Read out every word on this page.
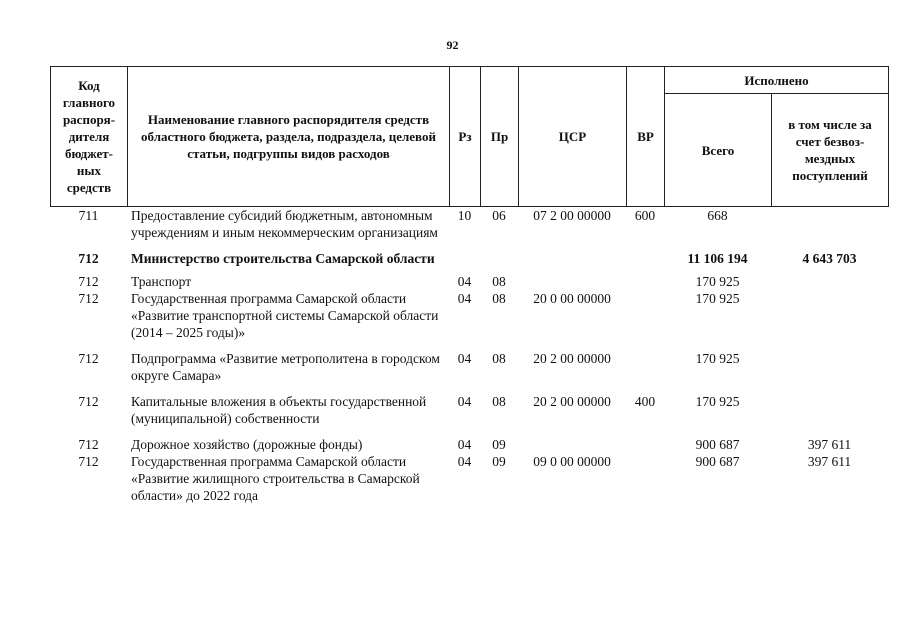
92
Код главного распоря-дителя бюджет-ных средств	Наименование главного распорядителя средств областного бюджета, раздела, подраздела, целевой статьи, подгруппы видов расходов	Рз	Пр	ЦСР	ВР	Исполнено	
						Всего	в том числе за счет безвоз-мездных поступлений
711	Предоставление субсидий бюджетным, автономным учреждениям и иным некоммерческим организациям	10	06	07 2 00 00000	600	668	
712	Министерство строительства Самарской области					11 106 194	4 643 703
712	Транспорт	04	08			170 925	
712	Государственная программа Самарской области «Развитие транспортной системы Самарской области (2014 – 2025 годы)»	04	08	20 0 00 00000		170 925	
712	Подпрограмма «Развитие метрополитена в городском округе Самара»	04	08	20 2 00 00000		170 925	
712	Капитальные вложения в объекты государственной (муниципальной) собственности	04	08	20 2 00 00000	400	170 925	
712	Дорожное хозяйство (дорожные фонды)	04	09			900 687	397 611
712	Государственная программа Самарской области «Развитие жилищного строительства в Самарской области» до 2022 года	04	09	09 0 00 00000		900 687	397 611
